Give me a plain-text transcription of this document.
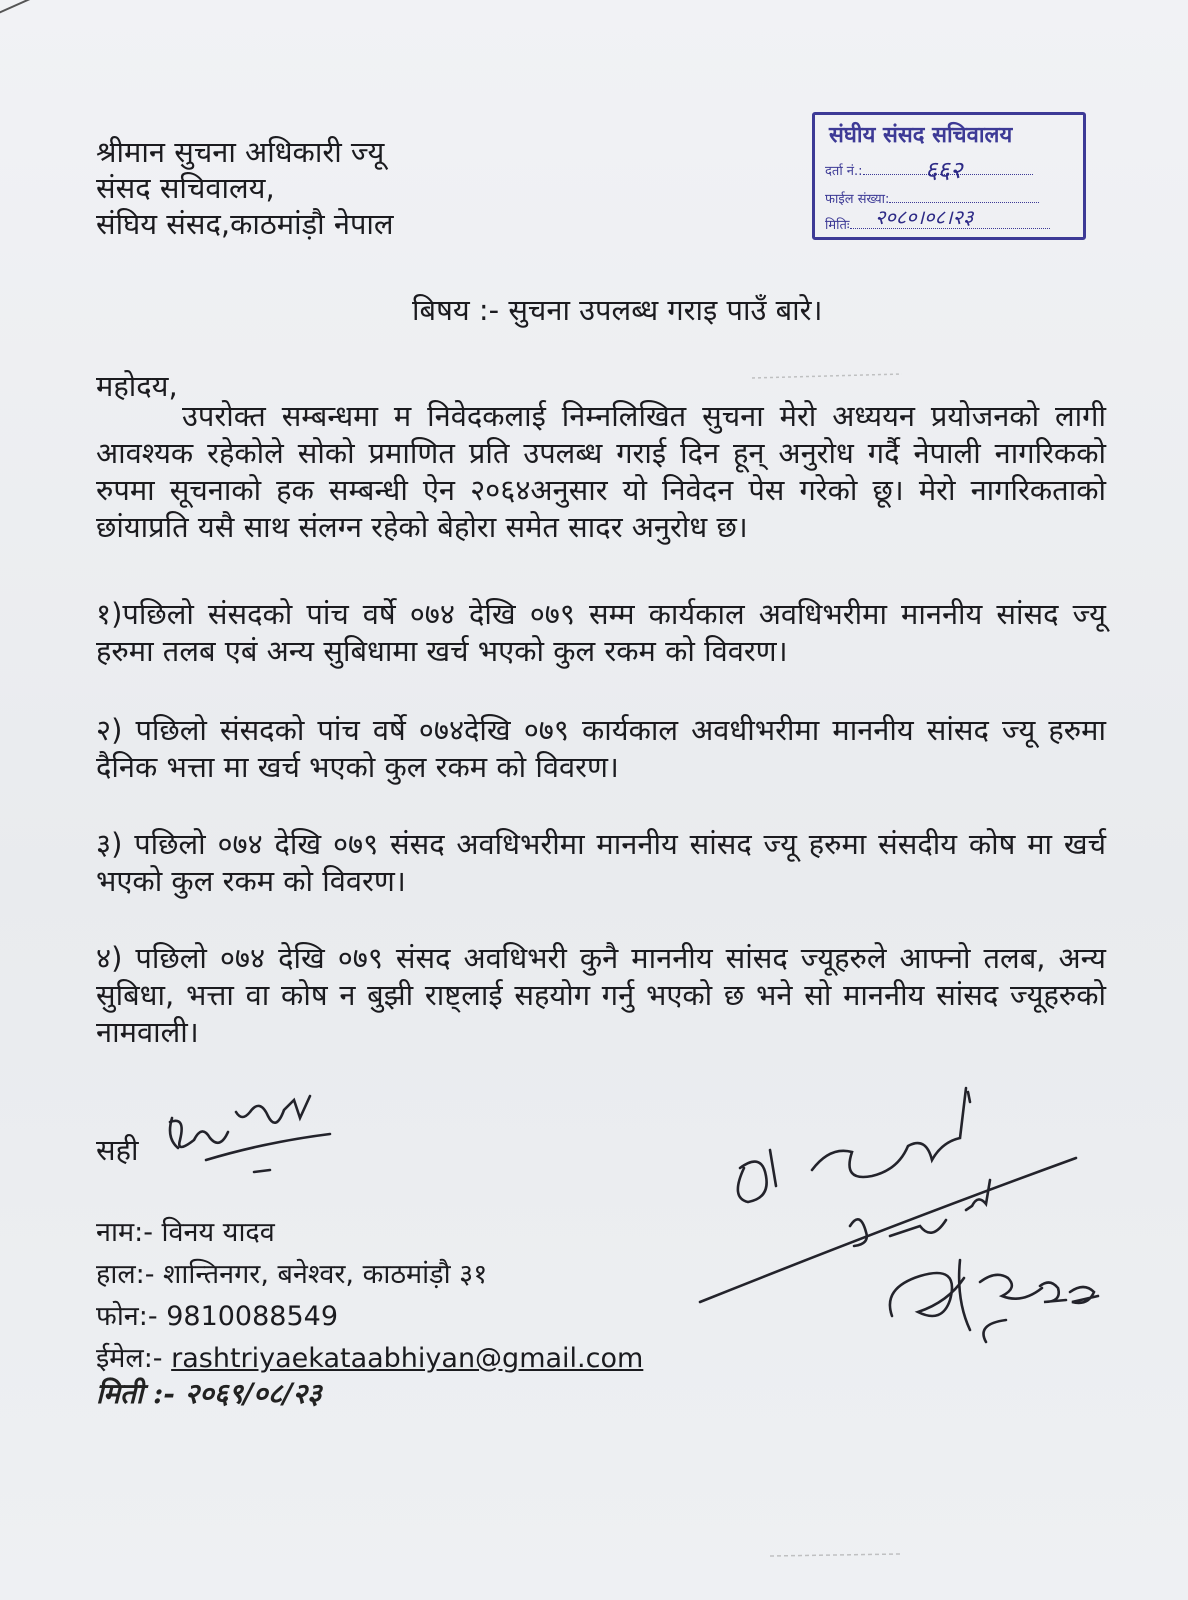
श्रीमान सुचना अधिकारी ज्यू
संसद सचिवालय,
संघिय संसद,काठमांड़ौ नेपाल
संघीय संसद सचिवालय
दर्ता नं.:	६६२
फाईल संख्या:
मितिः	२०८०।०८।२३
बिषय :- सुचना उपलब्ध गराइ पाउँ बारे।
महोदय,
उपरोक्त सम्बन्धमा म निवेदकलाई निम्नलिखित सुचना मेरो अध्ययन प्रयोजनको लागी आवश्यक रहेकोले सोको प्रमाणित प्रति उपलब्ध गराई दिन हून् अनुरोध गर्दै नेपाली नागरिकको रुपमा सूचनाको हक सम्बन्धी ऐन २०६४अनुसार यो निवेदन पेस गरेको छू। मेरो नागरिकताको छांयाप्रति यसै साथ संलग्न रहेको बेहोरा समेत सादर अनुरोध छ।
१)पछिलो संसदको पांच वर्षे ०७४ देखि ०७९ सम्म कार्यकाल अवधिभरीमा माननीय सांसद ज्यू हरुमा तलब एबं अन्य सुबिधामा खर्च भएको कुल रकम को विवरण।
२) पछिलो संसदको पांच वर्षे ०७४देखि ०७९ कार्यकाल अवधीभरीमा माननीय सांसद ज्यू हरुमा दैनिक भत्ता मा खर्च भएको कुल रकम को विवरण।
३) पछिलो ०७४ देखि ०७९ संसद अवधिभरीमा माननीय सांसद ज्यू हरुमा संसदीय कोष मा खर्च भएको कुल रकम को विवरण।
४) पछिलो ०७४ देखि ०७९ संसद अवधिभरी कुनै माननीय सांसद ज्यूहरुले आफ्नो तलब, अन्य सुबिधा, भत्ता वा कोष न बुझी राष्ट्लाई सहयोग गर्नु भएको छ भने सो माननीय सांसद ज्यूहरुको नामवाली।
सही
नाम:- विनय यादव
हाल:- शान्तिनगर, बनेश्वर, काठमांड़ौ ३१
फोन:- 9810088549
ईमेल:- rashtriyaekataabhiyan@gmail.com
मिती :- २०६९/०८/२३
